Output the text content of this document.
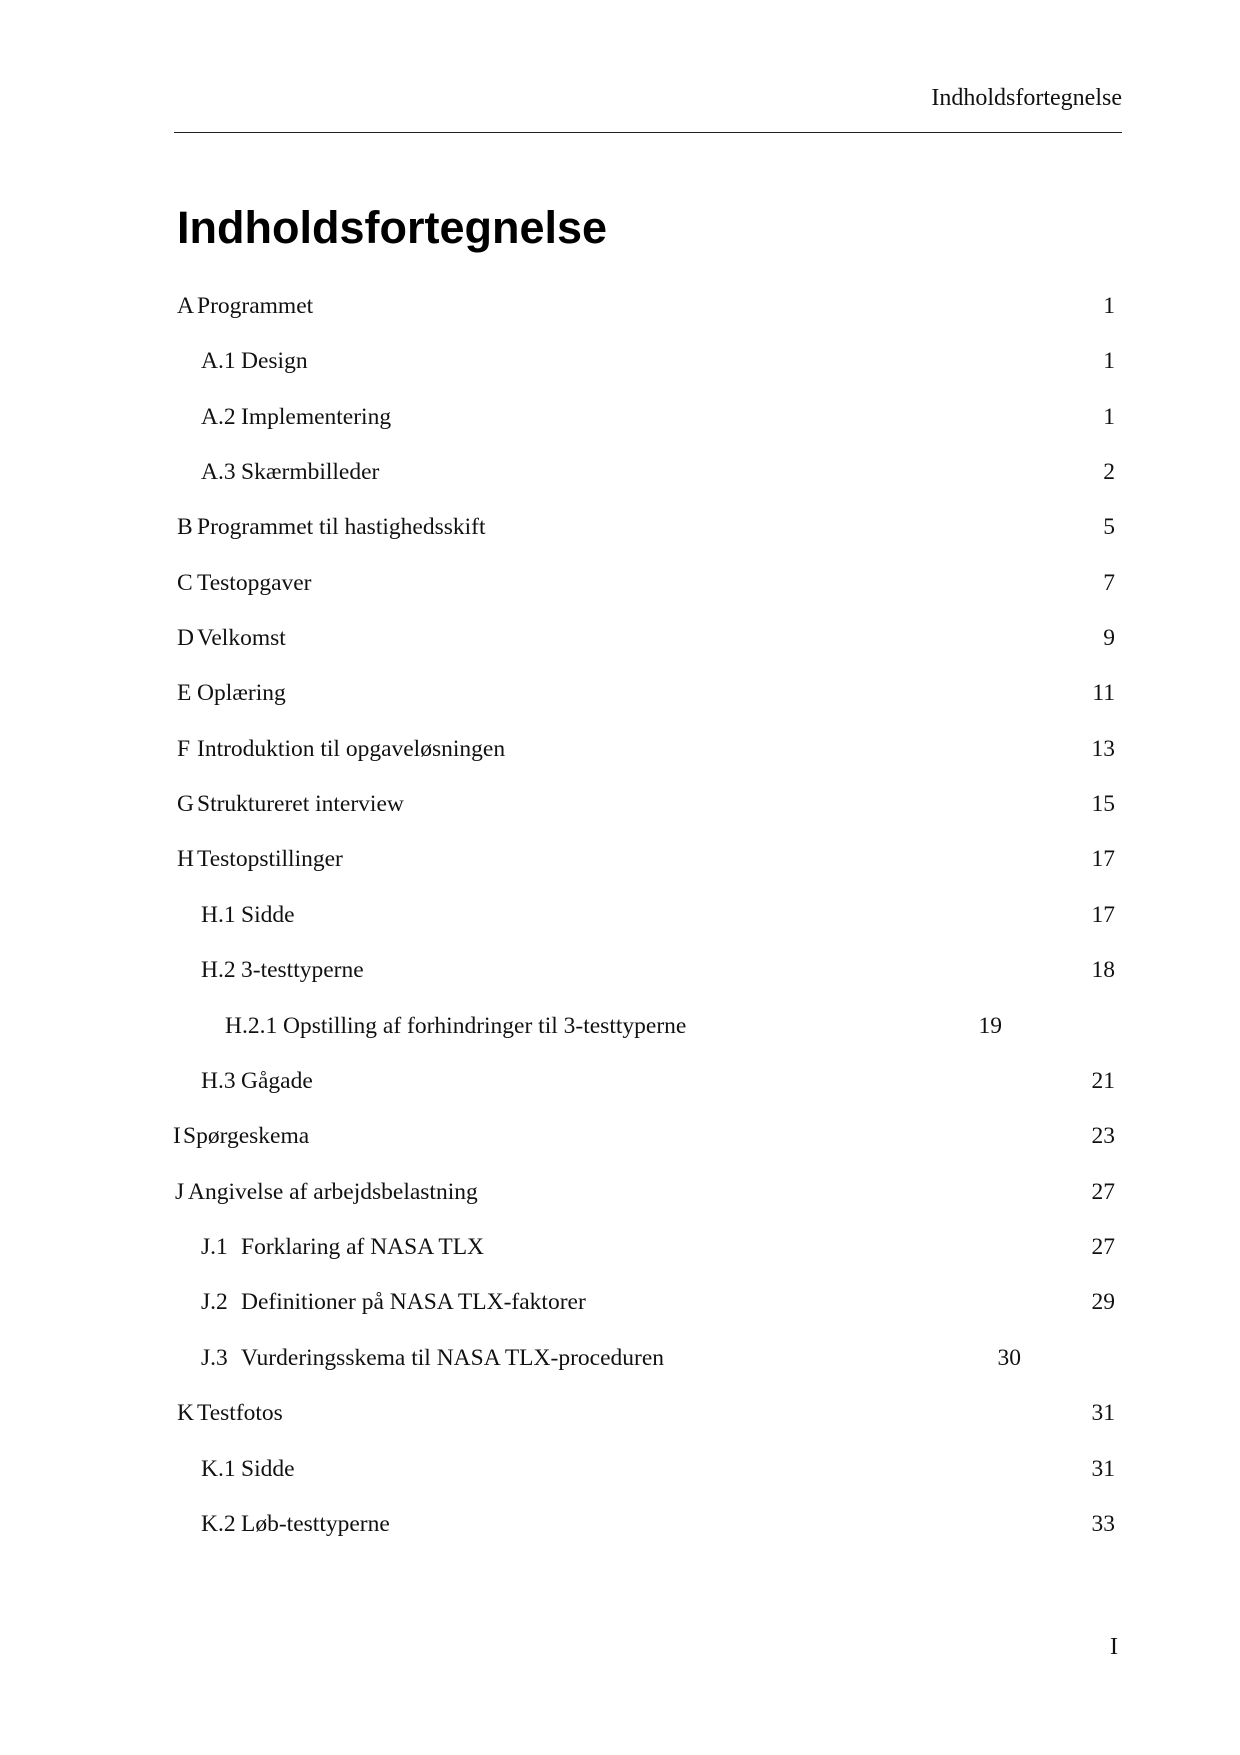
Indholdsfortegnelse
Indholdsfortegnelse
A Programmet	1
A.1 Design	1
A.2 Implementering	1
A.3 Skærmbilleder	2
B Programmet til hastighedsskift	5
C Testopgaver	7
D Velkomst	9
E Oplæring	11
F Introduktion til opgaveløsningen	13
G Struktureret interview	15
H Testopstillinger	17
H.1 Sidde	17
H.2 3-testtyperne	18
H.2.1 Opstilling af forhindringer til 3-testtyperne	19
H.3 Gågade	21
ISpørgeskema	23
J Angivelse af arbejdsbelastning	27
J.1 Forklaring af NASA TLX	27
J.2 Definitioner på NASA TLX-faktorer	29
J.3 Vurderingsskema til NASA TLX-proceduren	30
K Testfotos	31
K.1 Sidde	31
K.2 Løb-testtyperne	33
I
